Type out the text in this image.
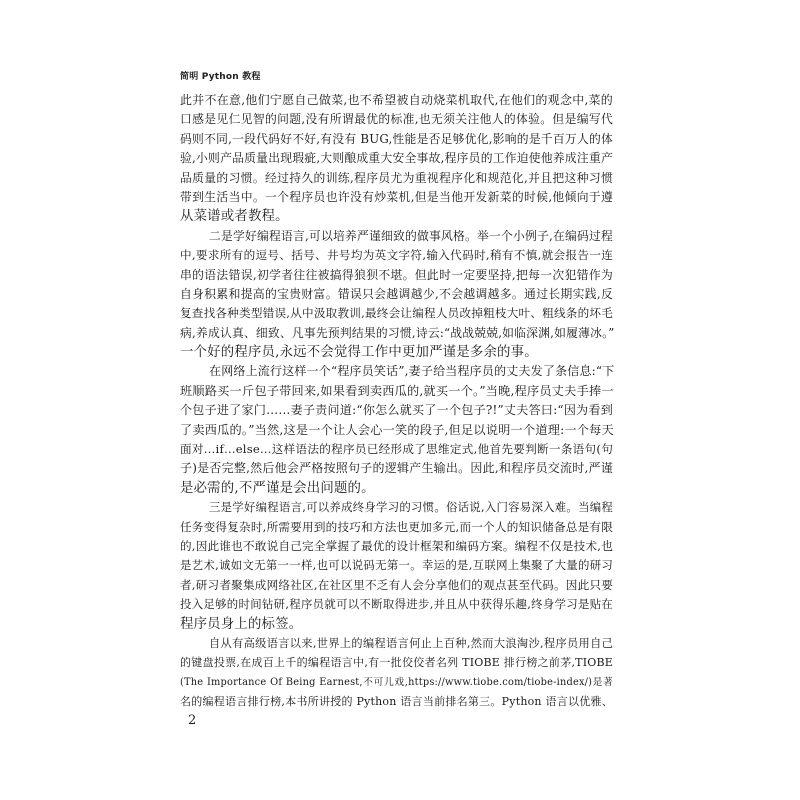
简明 Python 教程
此并不在意,他们宁愿自己做菜,也不希望被自动烧菜机取代,在他们的观念中,菜的
口感是见仁见智的问题,没有所谓最优的标准,也无须关注他人的体验。但是编写代
码则不同,一段代码好不好,有没有 BUG,性能是否足够优化,影响的是千百万人的体
验,小则产品质量出现瑕疵,大则酿成重大安全事故,程序员的工作迫使他养成注重产
品质量的习惯。经过持久的训练,程序员尤为重视程序化和规范化,并且把这种习惯
带到生活当中。一个程序员也许没有炒菜机,但是当他开发新菜的时候,他倾向于遵
从菜谱或者教程。
二是学好编程语言,可以培养严谨细致的做事风格。举一个小例子,在编码过程
中,要求所有的逗号、括号、井号均为英文字符,输入代码时,稍有不慎,就会报告一连
串的语法错误,初学者往往被搞得狼狈不堪。但此时一定要坚持,把每一次犯错作为
自身积累和提高的宝贵财富。错误只会越调越少,不会越调越多。通过长期实践,反
复查找各种类型错误,从中汲取教训,最终会让编程人员改掉粗枝大叶、粗线条的坏毛
病,养成认真、细致、凡事先预判结果的习惯,诗云:“战战兢兢,如临深渊,如履薄冰。”
一个好的程序员,永远不会觉得工作中更加严谨是多余的事。
在网络上流行这样一个“程序员笑话”,妻子给当程序员的丈夫发了条信息:“下
班顺路买一斤包子带回来,如果看到卖西瓜的,就买一个。”当晚,程序员丈夫手捧一
个包子进了家门……妻子责问道:“你怎么就买了一个包子?!”丈夫答曰:“因为看到
了卖西瓜的。”当然,这是一个让人会心一笑的段子,但足以说明一个道理:一个每天
面对…if…else…这样语法的程序员已经形成了思维定式,他首先要判断一条语句(句
子)是否完整,然后他会严格按照句子的逻辑产生输出。因此,和程序员交流时,严谨
是必需的,不严谨是会出问题的。
三是学好编程语言,可以养成终身学习的习惯。俗话说,入门容易深入难。当编程
任务变得复杂时,所需要用到的技巧和方法也更加多元,而一个人的知识储备总是有限
的,因此谁也不敢说自己完全掌握了最优的设计框架和编码方案。编程不仅是技术,也
是艺术,诚如文无第一一样,也可以说码无第一。幸运的是,互联网上集聚了大量的研习
者,研习者聚集成网络社区,在社区里不乏有人会分享他们的观点甚至代码。因此只要
投入足够的时间钻研,程序员就可以不断取得进步,并且从中获得乐趣,终身学习是贴在
程序员身上的标签。
自从有高级语言以来,世界上的编程语言何止上百种,然而大浪淘沙,程序员用自己
的键盘投票,在成百上千的编程语言中,有一批佼佼者名列 TIOBE 排行榜之前茅,TIOBE
(The Importance Of Being Earnest,不可儿戏,https://www.tiobe.com/tiobe-index/)是著
名的编程语言排行榜,本书所讲授的 Python 语言当前排名第三。Python 语言以优雅、
2
